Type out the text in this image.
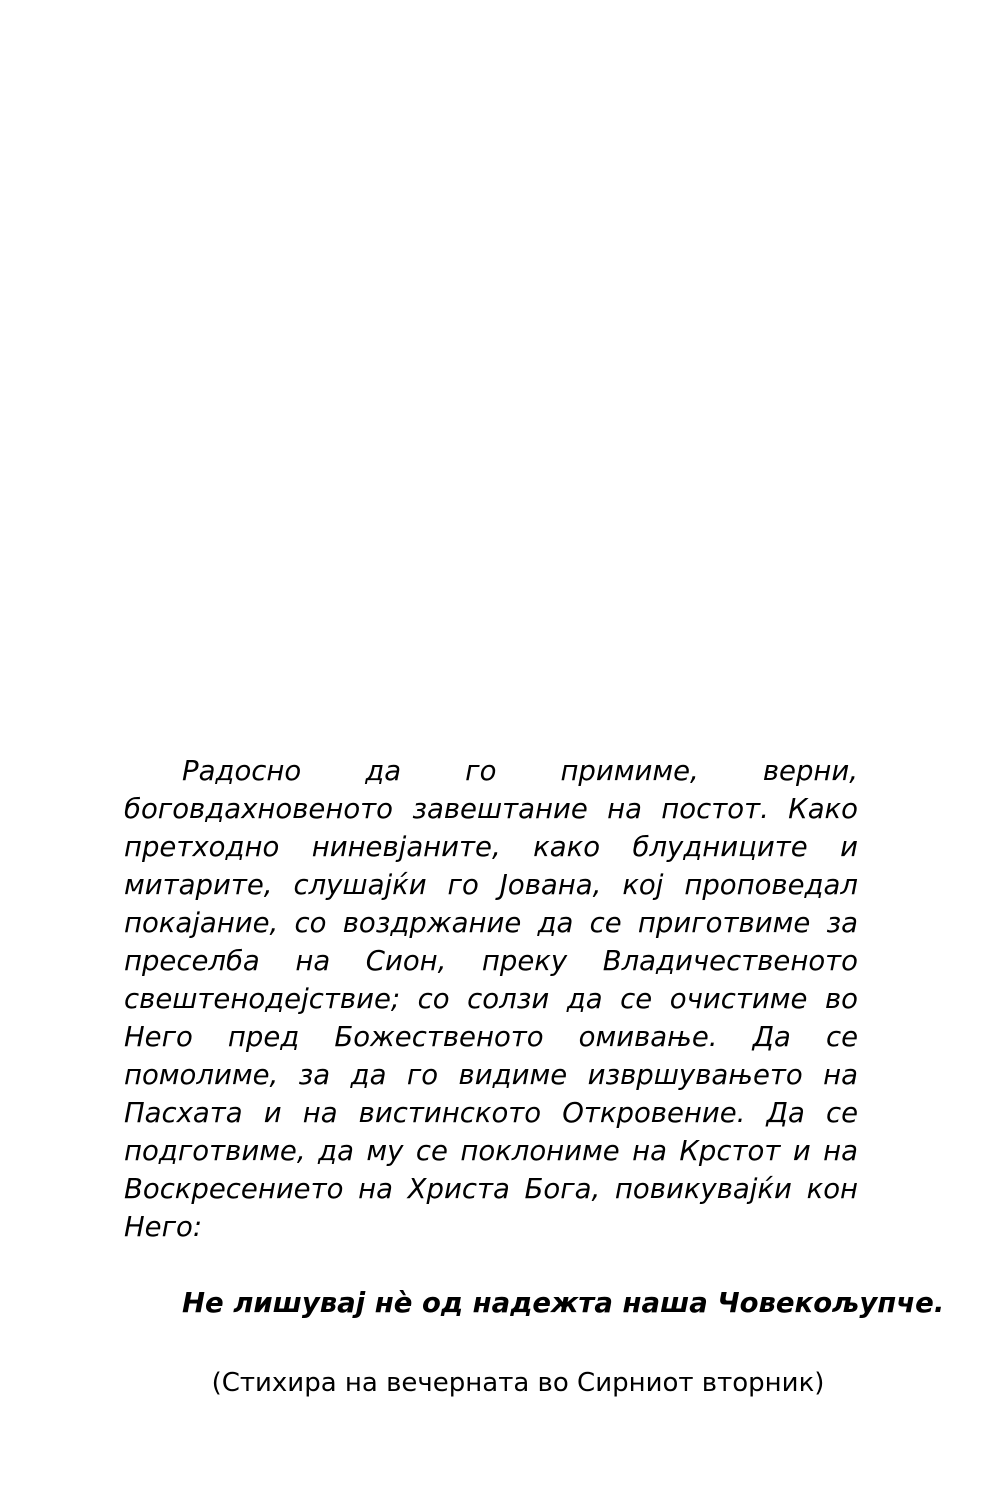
Радосно да го примиме, верни, боговдахновеното завештание на постот. Како претходно ниневјаните, како блудниците и митарите, слушајќи го Јована, кој проповедал покајание, со воздржание да се приготвиме за преселба на Сион, преку Владичественото свештенодејствие; со солзи да се очистиме во Него пред Божественото омивање. Да се помолиме, за да го видиме извршувањето на Пасхата и на вистинското Откровение. Да се подготвиме, да му се поклониме на Крстот и на Воскресението на Христа Бога, повикувајќи кон Него:

Не лишувај нѐ од надежта наша Човекољупче.

(Стихира на вечерната во Сирниот вторник)
